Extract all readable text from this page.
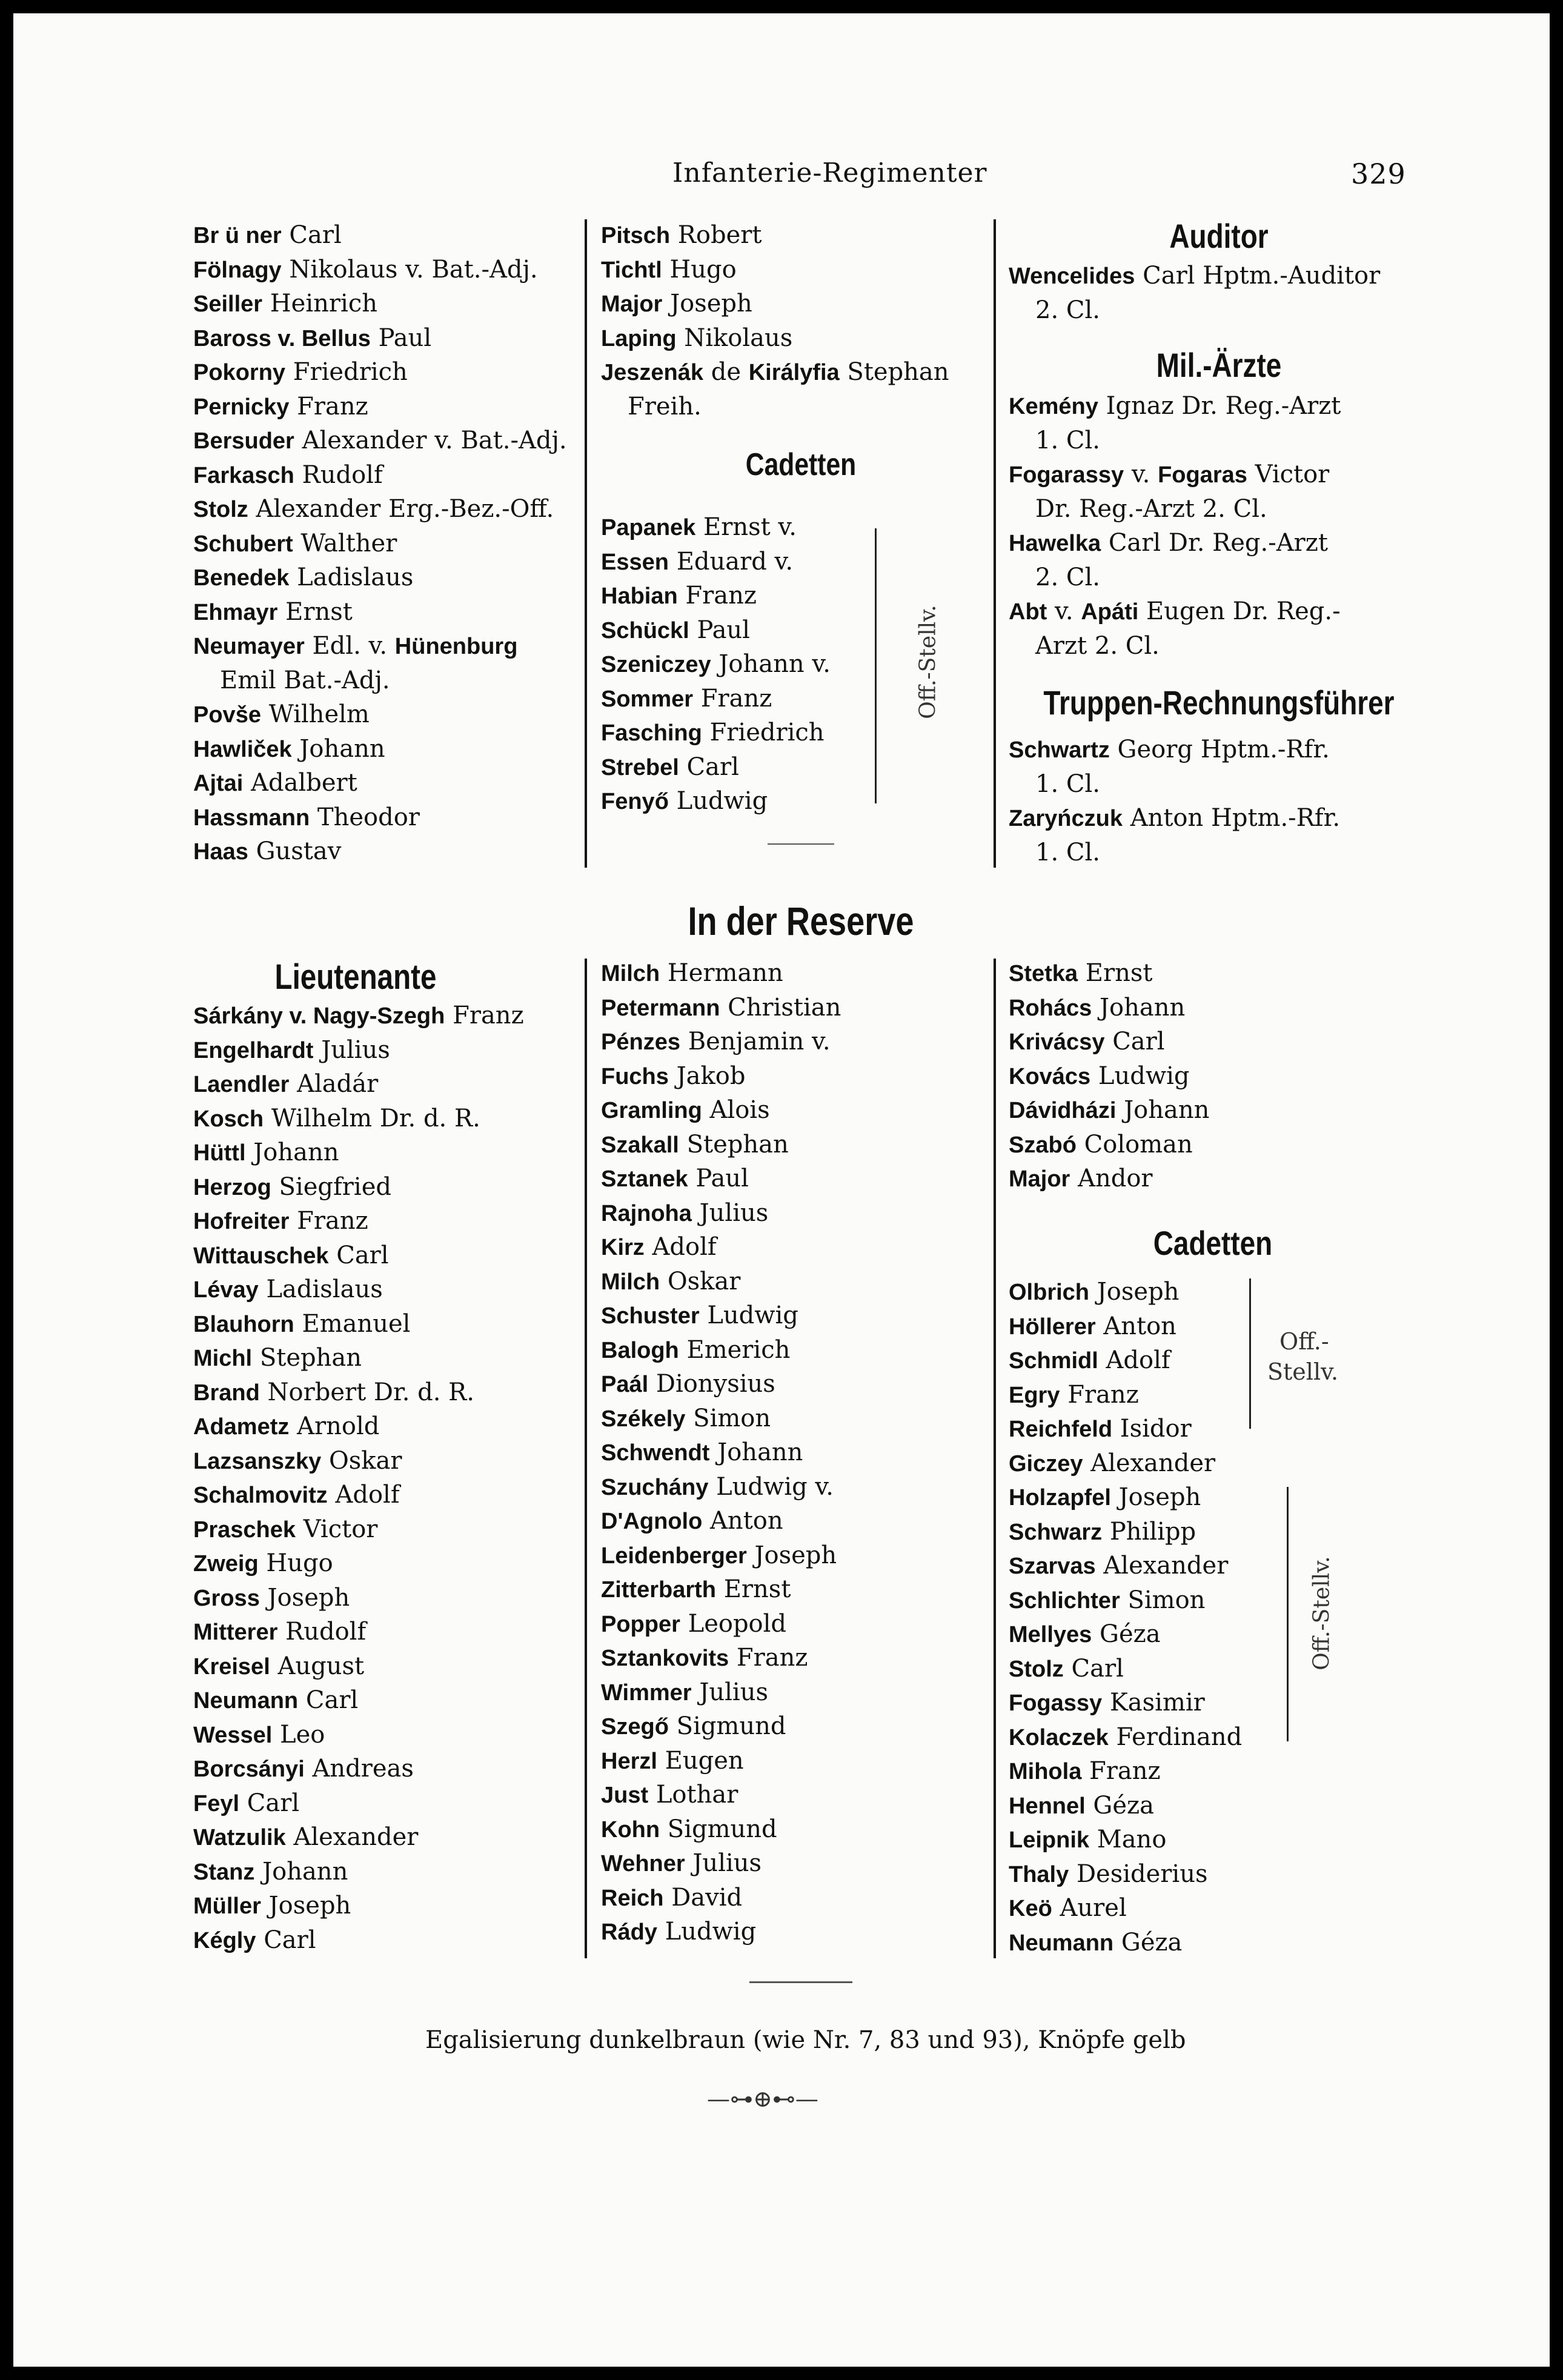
Infanterie-Regimenter	329
Br ü ner Carl
Fölnagy Nikolaus v. Bat.-Adj.
Seiller Heinrich
Baross v. Bellus Paul
Pokorny Friedrich
Pernicky Franz
Bersuder Alexander v. Bat.-Adj.
Farkasch Rudolf
Stolz Alexander Erg.-Bez.-Off.
Schubert Walther
Benedek Ladislaus
Ehmayr Ernst
Neumayer Edl. v. Hünenburg
Emil Bat.-Adj.
Povše Wilhelm
Hawliček Johann
Ajtai Adalbert
Hassmann Theodor
Haas Gustav
Pitsch Robert
Tichtl Hugo
Major Joseph
Laping Nikolaus
Jeszenák de Királyfia Stephan
Freih.
Cadetten
Papanek Ernst v.
Essen Eduard v.
Habian Franz
Schückl Paul
Szeniczey Johann v.
Sommer Franz
Fasching Friedrich
Strebel Carl
Fenyő Ludwig
Off.-Stellv.
Auditor
Wencelides Carl Hptm.-Auditor
2. Cl.
Mil.-Ärzte
Kemény Ignaz Dr. Reg.-Arzt
1. Cl.
Fogarassy v. Fogaras Victor
Dr. Reg.-Arzt 2. Cl.
Hawelka Carl Dr. Reg.-Arzt
2. Cl.
Abt v. Apáti Eugen Dr. Reg.-
Arzt 2. Cl.
Truppen-Rechnungsführer
Schwartz Georg Hptm.-Rfr.
1. Cl.
Zaryńczuk Anton Hptm.-Rfr.
1. Cl.
In der Reserve
Lieutenante
Sárkány v. Nagy-Szegh Franz
Engelhardt Julius
Laendler Aladár
Kosch Wilhelm Dr. d. R.
Hüttl Johann
Herzog Siegfried
Hofreiter Franz
Wittauschek Carl
Lévay Ladislaus
Blauhorn Emanuel
Michl Stephan
Brand Norbert Dr. d. R.
Adametz Arnold
Lazsanszky Oskar
Schalmovitz Adolf
Praschek Victor
Zweig Hugo
Gross Joseph
Mitterer Rudolf
Kreisel August
Neumann Carl
Wessel Leo
Borcsányi Andreas
Feyl Carl
Watzulik Alexander
Stanz Johann
Müller Joseph
Kégly Carl
Milch Hermann
Petermann Christian
Pénzes Benjamin v.
Fuchs Jakob
Gramling Alois
Szakall Stephan
Sztanek Paul
Rajnoha Julius
Kirz Adolf
Milch Oskar
Schuster Ludwig
Balogh Emerich
Paál Dionysius
Székely Simon
Schwendt Johann
Szuchány Ludwig v.
D'Agnolo Anton
Leidenberger Joseph
Zitterbarth Ernst
Popper Leopold
Sztankovits Franz
Wimmer Julius
Szegő Sigmund
Herzl Eugen
Just Lothar
Kohn Sigmund
Wehner Julius
Reich David
Rády Ludwig
Stetka Ernst
Rohács Johann
Krivácsy Carl
Kovács Ludwig
Dávidházi Johann
Szabó Coloman
Major Andor
Cadetten
Olbrich Joseph
Höllerer Anton
Schmidl Adolf
Egry Franz
Reichfeld Isidor
Giczey Alexander
Holzapfel Joseph
Schwarz Philipp
Szarvas Alexander
Schlichter Simon
Mellyes Géza
Stolz Carl
Fogassy Kasimir
Kolaczek Ferdinand
Mihola Franz
Hennel Géza
Leipnik Mano
Thaly Desiderius
Keö Aurel
Neumann Géza
Off.-
Stellv.
Off.-Stellv.
Egalisierung dunkelbraun (wie Nr. 7, 83 und 93), Knöpfe gelb
—⊶⊕⊷—
